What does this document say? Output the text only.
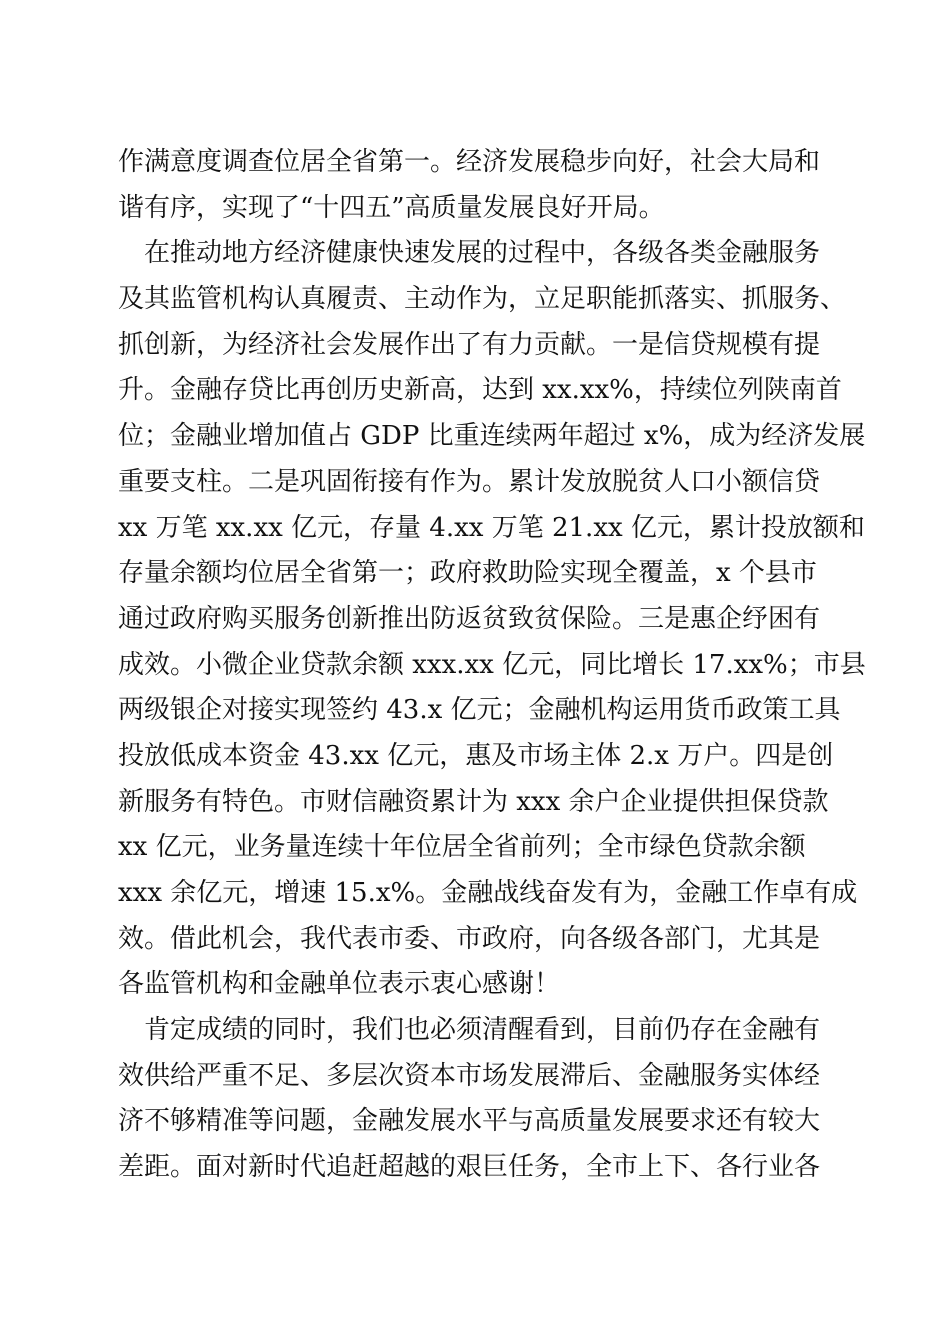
作满意度调查位居全省第一。经济发展稳步向好，社会大局和
谐有序，实现了“十四五”高质量发展良好开局。
　在推动地方经济健康快速发展的过程中，各级各类金融服务
及其监管机构认真履责、主动作为，立足职能抓落实、抓服务、
抓创新，为经济社会发展作出了有力贡献。一是信贷规模有提
升。金融存贷比再创历史新高，达到 xx.xx%，持续位列陕南首
位；金融业增加值占 GDP 比重连续两年超过 x%，成为经济发展
重要支柱。二是巩固衔接有作为。累计发放脱贫人口小额信贷
xx 万笔 xx.xx 亿元，存量 4.xx 万笔 21.xx 亿元，累计投放额和
存量余额均位居全省第一；政府救助险实现全覆盖，x 个县市
通过政府购买服务创新推出防返贫致贫保险。三是惠企纾困有
成效。小微企业贷款余额 xxx.xx 亿元，同比增长 17.xx%；市县
两级银企对接实现签约 43.x 亿元；金融机构运用货币政策工具
投放低成本资金 43.xx 亿元，惠及市场主体 2.x 万户。四是创
新服务有特色。市财信融资累计为 xxx 余户企业提供担保贷款
xx 亿元，业务量连续十年位居全省前列；全市绿色贷款余额
xxx 余亿元，增速 15.x%。金融战线奋发有为，金融工作卓有成
效。借此机会，我代表市委、市政府，向各级各部门，尤其是
各监管机构和金融单位表示衷心感谢！
　肯定成绩的同时，我们也必须清醒看到，目前仍存在金融有
效供给严重不足、多层次资本市场发展滞后、金融服务实体经
济不够精准等问题，金融发展水平与高质量发展要求还有较大
差距。面对新时代追赶超越的艰巨任务，全市上下、各行业各
